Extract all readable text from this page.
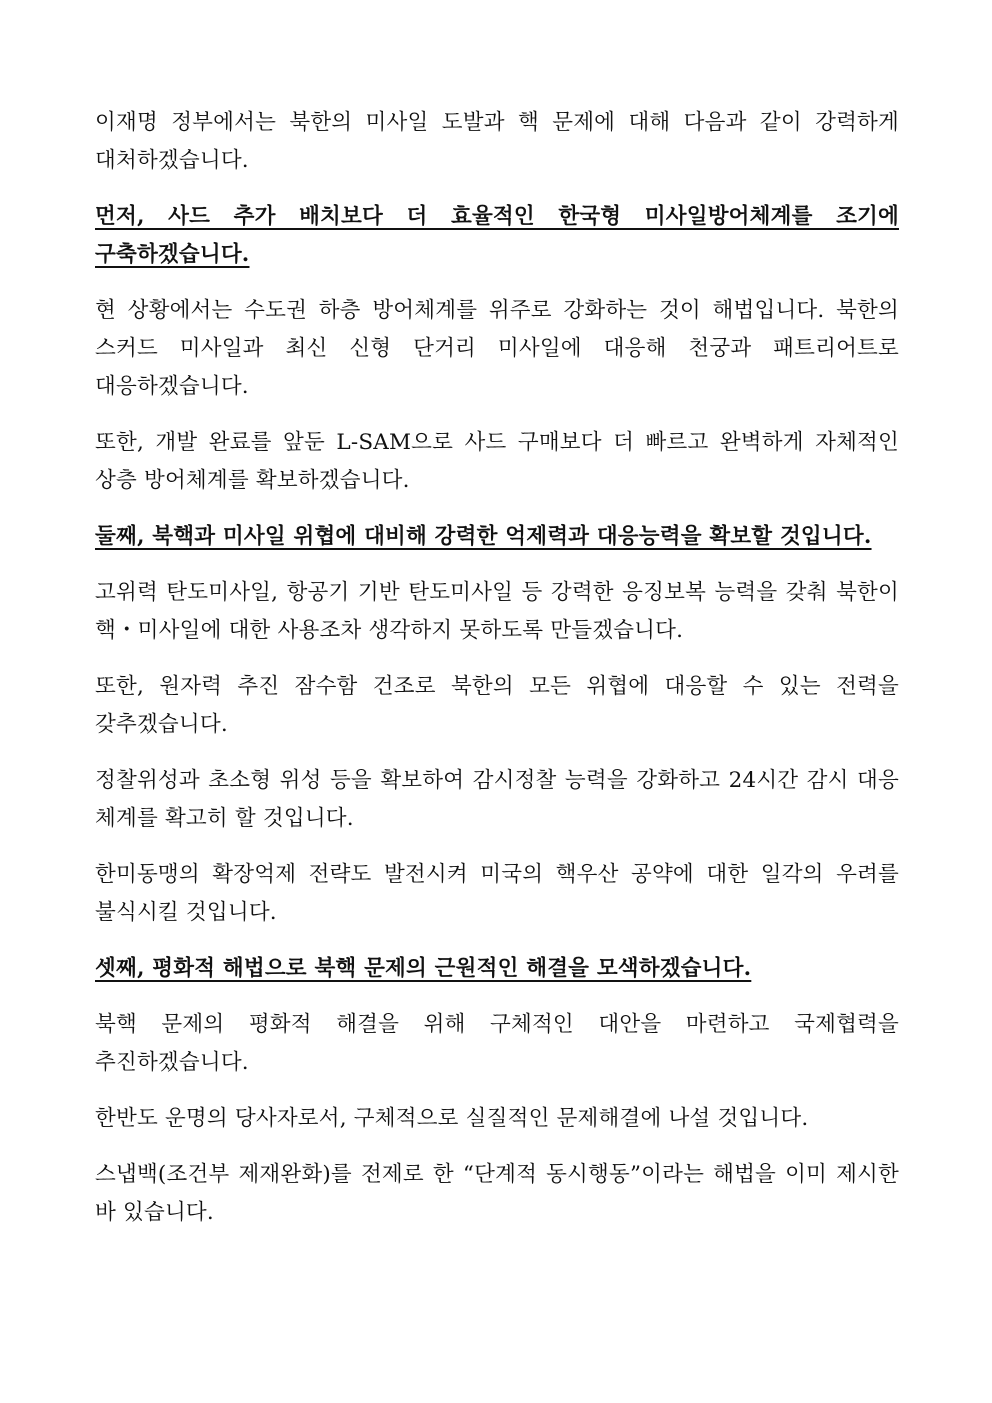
이재명 정부에서는 북한의 미사일 도발과 핵 문제에 대해 다음과 같이 강력하게 대처하겠습니다.

먼저, 사드 추가 배치보다 더 효율적인 한국형 미사일방어체계를 조기에 구축하겠습니다.

현 상황에서는 수도권 하층 방어체계를 위주로 강화하는 것이 해법입니다. 북한의 스커드 미사일과 최신 신형 단거리 미사일에 대응해 천궁과 패트리어트로 대응하겠습니다.

또한, 개발 완료를 앞둔 L-SAM으로 사드 구매보다 더 빠르고 완벽하게 자체적인 상층 방어체계를 확보하겠습니다.

둘째, 북핵과 미사일 위협에 대비해 강력한 억제력과 대응능력을 확보할 것입니다.

고위력 탄도미사일, 항공기 기반 탄도미사일 등 강력한 응징보복 능력을 갖춰 북한이 핵・미사일에 대한 사용조차 생각하지 못하도록 만들겠습니다.

또한, 원자력 추진 잠수함 건조로 북한의 모든 위협에 대응할 수 있는 전력을 갖추겠습니다.

정찰위성과 초소형 위성 등을 확보하여 감시정찰 능력을 강화하고 24시간 감시 대응 체계를 확고히 할 것입니다.

한미동맹의 확장억제 전략도 발전시켜 미국의 핵우산 공약에 대한 일각의 우려를 불식시킬 것입니다.

셋째, 평화적 해법으로 북핵 문제의 근원적인 해결을 모색하겠습니다.

북핵 문제의 평화적 해결을 위해 구체적인 대안을 마련하고 국제협력을 추진하겠습니다.

한반도 운명의 당사자로서, 구체적으로 실질적인 문제해결에 나설 것입니다.

스냅백(조건부 제재완화)를 전제로 한 “단계적 동시행동”이라는 해법을 이미 제시한 바 있습니다.
